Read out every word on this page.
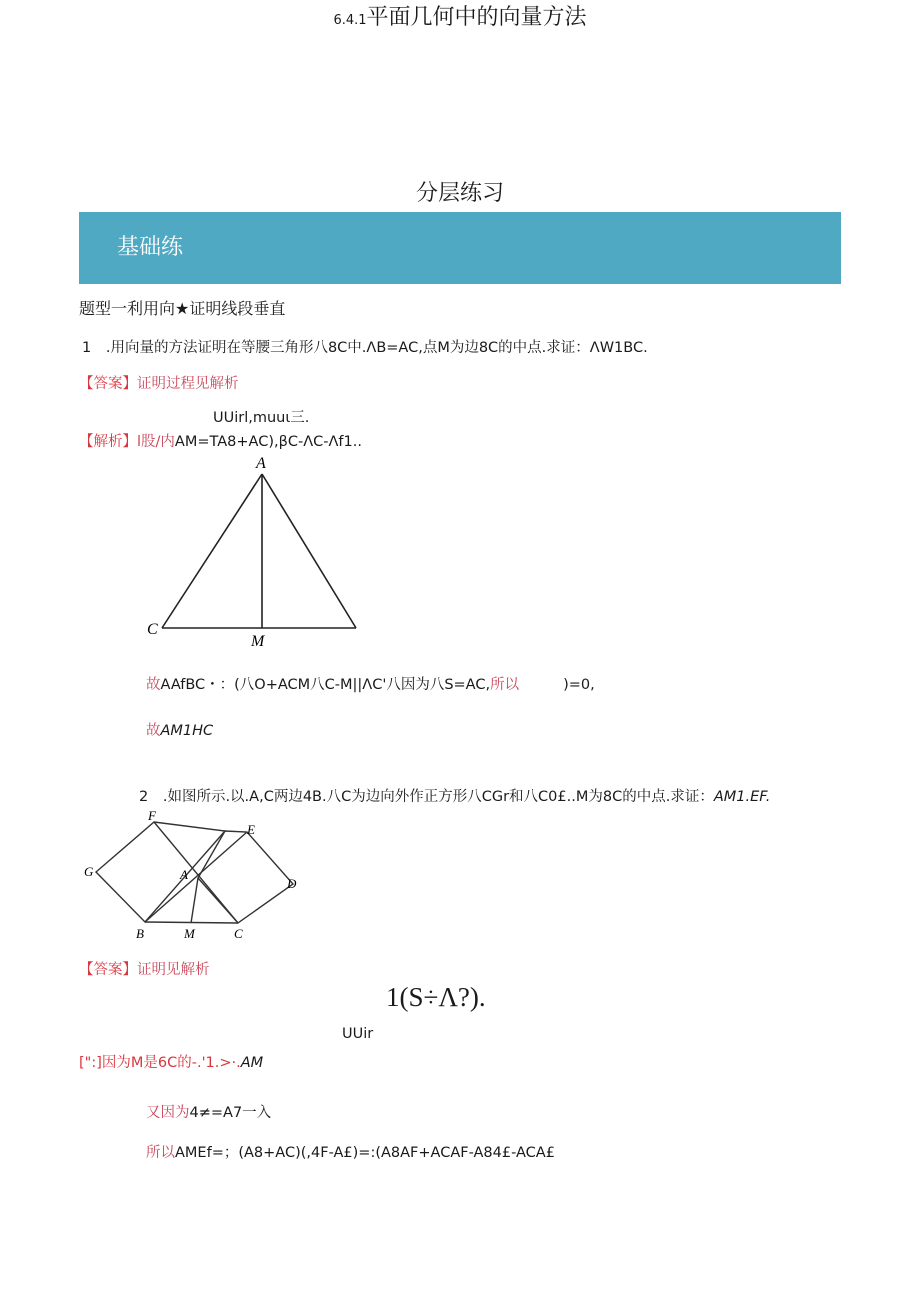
6.4.1平面几何中的向量方法
分层练习
基础练
题型一利用向★证明线段垂直
1 .用向量的方法证明在等腰三角形八8C中.ΛB=AC,点M为边8C的中点.求证：ΛW1BC.
【答案】证明过程见解析
UUirl,muuι三.
【解析】l股/内AM=TA8+AC),βC-ΛC-Λf1..
A
C
M
故AAfBC・：(八O+ACM八C-M||ΛC'八因为八S=AC,所以	)=0,
故AM1HC
2 .如图所示.以.A,C两边4B.八C为边向外作正方形八CGr和八C0£..M为8C的中点.求证：AM1.EF.
F
E
G	A
D
B	M	C
【答案】证明见解析
1(S÷Λ?).
UUir
[":]因为M是6C的-.'1.>·.AM
又因为4≠=A7一入
所以AMEf=；(A8+AC)(,4F-A£)=:(A8AF+ACAF-A84£-ACA£
